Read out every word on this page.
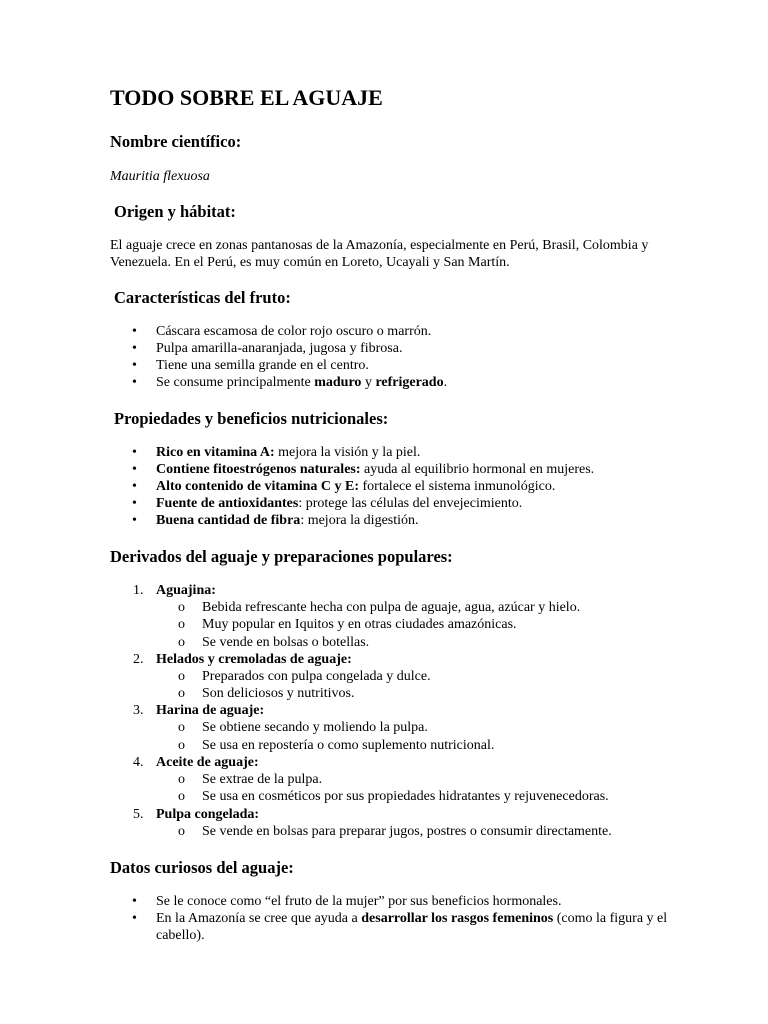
TODO SOBRE EL AGUAJE
Nombre científico:

Mauritia flexuosa

Origen y hábitat:

El aguaje crece en zonas pantanosas de la Amazonía, especialmente en Perú, Brasil, Colombia y Venezuela. En el Perú, es muy común en Loreto, Ucayali y San Martín.

Características del fruto:
• Cáscara escamosa de color rojo oscuro o marrón.
• Pulpa amarilla-anaranjada, jugosa y fibrosa.
• Tiene una semilla grande en el centro.
• Se consume principalmente maduro y refrigerado.
Propiedades y beneficios nutricionales:
• Rico en vitamina A: mejora la visión y la piel.
• Contiene fitoestrógenos naturales: ayuda al equilibrio hormonal en mujeres.
• Alto contenido de vitamina C y E: fortalece el sistema inmunológico.
• Fuente de antioxidantes: protege las células del envejecimiento.
• Buena cantidad de fibra: mejora la digestión.
Derivados del aguaje y preparaciones populares:
1. Aguajina:
o Bebida refrescante hecha con pulpa de aguaje, agua, azúcar y hielo.
o Muy popular en Iquitos y en otras ciudades amazónicas.
o Se vende en bolsas o botellas.
2. Helados y cremoladas de aguaje:
o Preparados con pulpa congelada y dulce.
o Son deliciosos y nutritivos.
3. Harina de aguaje:
o Se obtiene secando y moliendo la pulpa.
o Se usa en repostería o como suplemento nutricional.
4. Aceite de aguaje:
o Se extrae de la pulpa.
o Se usa en cosméticos por sus propiedades hidratantes y rejuvenecedoras.
5. Pulpa congelada:
o Se vende en bolsas para preparar jugos, postres o consumir directamente.
Datos curiosos del aguaje:
• Se le conoce como “el fruto de la mujer” por sus beneficios hormonales.
• En la Amazonía se cree que ayuda a desarrollar los rasgos femeninos (como la figura y el cabello).
